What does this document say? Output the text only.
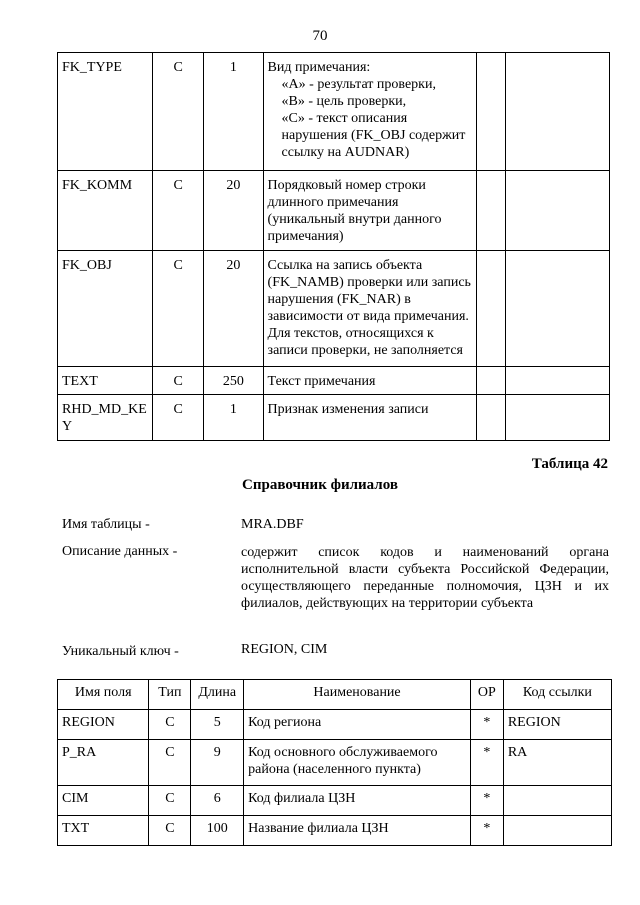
70
FK_TYPE	C	1	Вид примечания:
«A» - результат проверки,
«B» - цель проверки,
«C» - текст описания нарушения (FK_OBJ содержит ссылку на AUDNAR)		

FK_KOMM	C	20	Порядковый номер строки длинного примечания (уникальный внутри данного примечания)		
FK_OBJ	C	20	Ссылка на запись объекта (FK_NAMB) проверки или запись нарушения (FK_NAR) в зависимости от вида примечания. Для текстов, относящихся к записи проверки, не заполняется		
TEXT	C	250	Текст примечания		
RHD_MD_KEY	C	1	Признак изменения записи		
Таблица 42
Справочник филиалов
Имя таблицы -	MRA.DBF
Описание данных -	содержит список кодов и наименований органа исполнительной власти субъекта Российской Федерации, осуществляющего переданные полномочия, ЦЗН и их филиалов, действующих на территории субъекта
Уникальный ключ -	REGION, CIM
Имя поля	Тип	Длина	Наименование	ОР	Код ссылки
REGION	C	5	Код региона	*	REGION
P_RA	C	9	Код основного обслуживаемого района (населенного пункта)	*	RA
CIM	C	6	Код филиала ЦЗН	*	
TXT	C	100	Название филиала ЦЗН	*	
